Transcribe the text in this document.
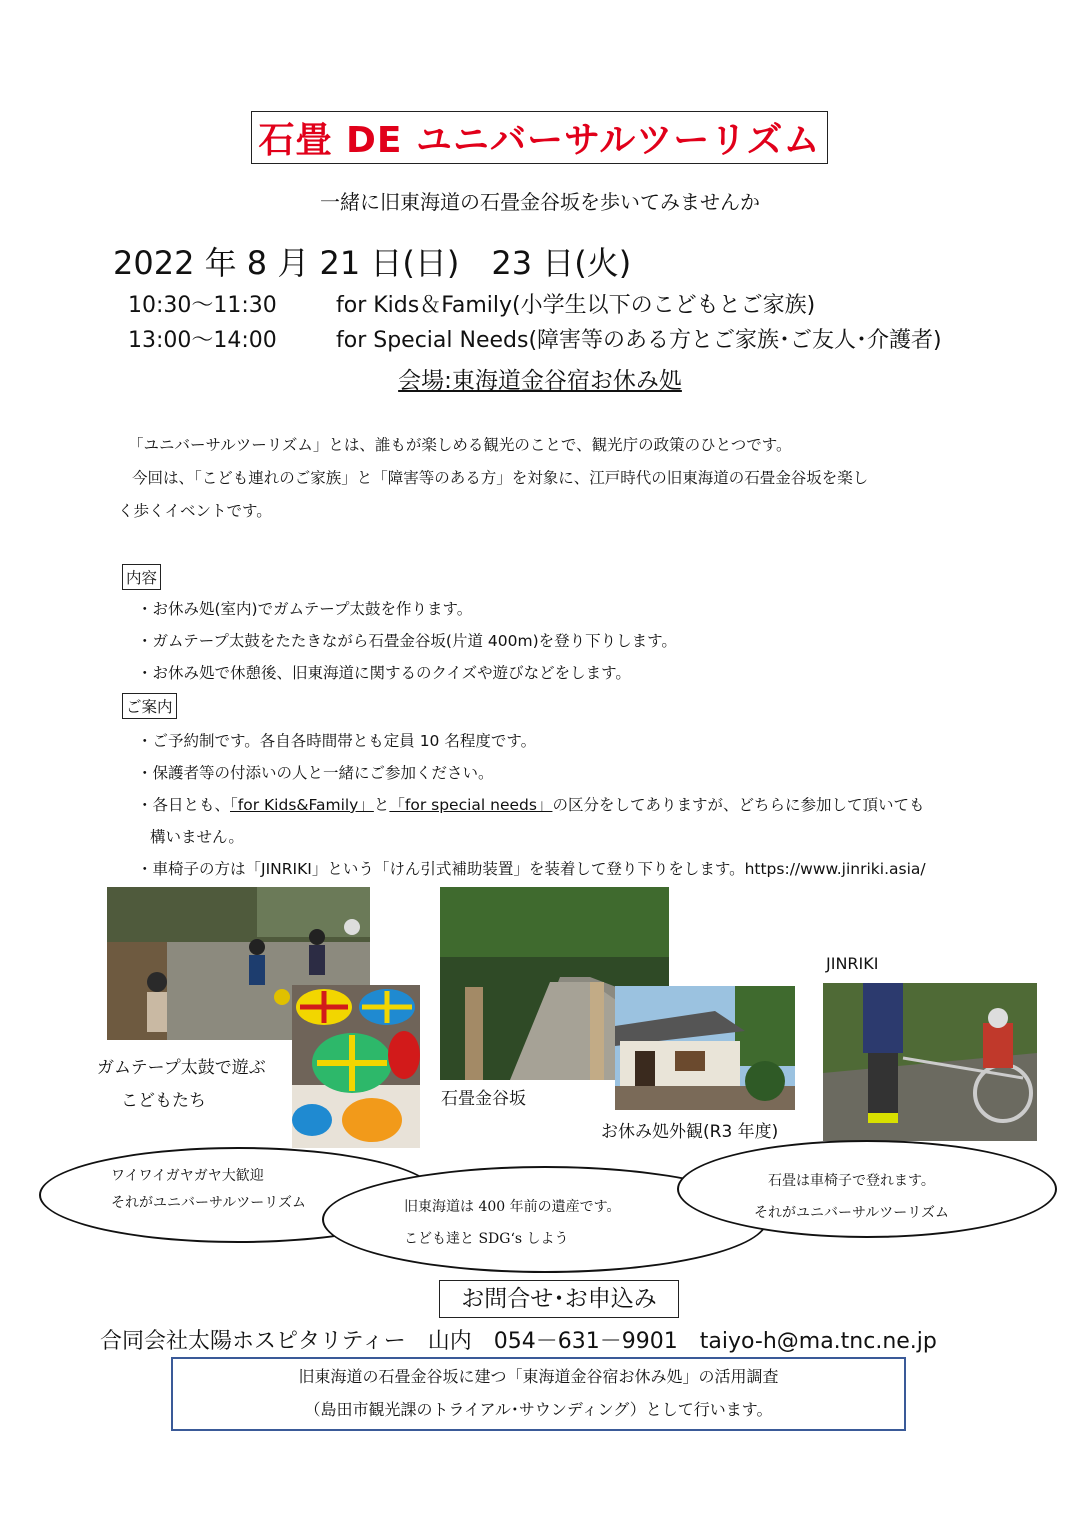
石畳 DE ユニバーサルツーリズム
一緒に旧東海道の石畳金谷坂を歩いてみませんか
2022 年 8 月 21 日(日)　23 日(火)
10:30～11:30	for Kids＆Family(小学生以下のこどもとご家族)
13:00～14:00	for Special Needs(障害等のある方とご家族･ご友人･介護者)
会場:東海道金谷宿お休み処
「ユニバーサルツーリズム」とは、誰もが楽しめる観光のことで、観光庁の政策のひとつです。
今回は、「こども連れのご家族」と「障害等のある方」を対象に、江戸時代の旧東海道の石畳金谷坂を楽し
く歩くイベントです。
内容
・お休み処(室内)でガムテープ太鼓を作ります。
・ガムテープ太鼓をたたきながら石畳金谷坂(片道 400m)を登り下りします。
・お休み処で休憩後、旧東海道に関するのクイズや遊びなどをします。
ご案内
・ご予約制です。各自各時間帯とも定員 10 名程度です。
・保護者等の付添いの人と一緒にご参加ください。
・各日とも、「for Kids&Family」と「for special needs」の区分をしてありますが、どちらに参加して頂いても
構いません。
・車椅子の方は「JINRIKI」という「けん引式補助装置」を装着して登り下りをします。https://www.jinriki.asia/
ガムテープ太鼓で遊ぶ
こどもたち	石畳金谷坂
お休み処外観(R3 年度)
JINRIKI
ワイワイガヤガヤ大歓迎
それがユニバーサルツーリズム	旧東海道は 400 年前の遺産です。
こども達と SDG‘s しよう
石畳は車椅子で登れます。
それがユニバーサルツーリズム
お問合せ･お申込み
合同会社太陽ホスピタリティー　山内　054－631－9901　taiyo-h@ma.tnc.ne.jp
旧東海道の石畳金谷坂に建つ「東海道金谷宿お休み処」の活用調査
（島田市観光課のトライアル･サウンディング）として行います。
